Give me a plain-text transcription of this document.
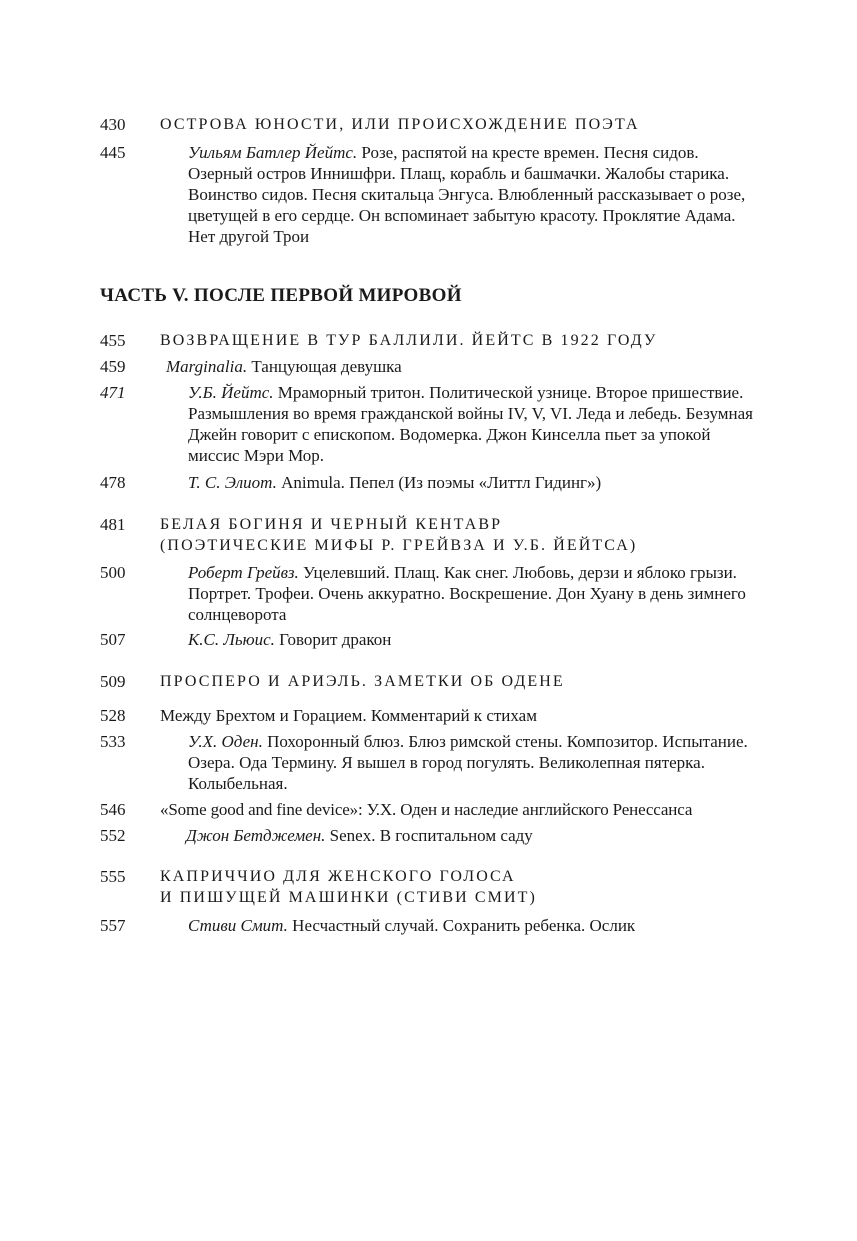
430 ОСТРОВА ЮНОСТИ, ИЛИ ПРОИСХОЖДЕНИЕ ПОЭТА
445	Уильям Батлер Йейтс. Розе, распятой на кресте времен. Песня сидов. Озерный остров Иннишфри. Плащ, корабль и башмачки. Жалобы старика. Воинство сидов. Песня скитальца Энгуса. Влюбленный рассказывает о розе, цветущей в его сердце. Он вспоминает забытую красоту. Проклятие Адама. Нет другой Трои
ЧАСТЬ V. ПОСЛЕ ПЕРВОЙ МИРОВОЙ
455 ВОЗВРАЩЕНИЕ В ТУР БАЛЛИЛИ. ЙЕЙТС В 1922 ГОДУ
459 Marginalia. Танцующая девушка
471	У.Б. Йейтс. Мраморный тритон. Политической узнице. Второе пришествие. Размышления во время гражданской войны IV, V, VI. Леда и лебедь. Безумная Джейн говорит с епископом. Водомерка. Джон Кинселла пьет за упокой миссис Мэри Мор.
478	Т. С. Элиот. Animula. Пепел (Из поэмы «Литтл Гидинг»)
481 БЕЛАЯ БОГИНЯ И ЧЕРНЫЙ КЕНТАВР
(ПОЭТИЧЕСКИЕ МИФЫ Р. ГРЕЙВЗА И У.Б. ЙЕЙТСА)
500	Роберт Грейвз. Уцелевший. Плащ. Как снег. Любовь, дерзи и яблоко грызи. Портрет. Трофеи. Очень аккуратно. Воскрешение. Дон Хуану в день зимнего солнцеворота
507	К.С. Льюис. Говорит дракон
509 ПРОСПЕРО И АРИЭЛЬ. ЗАМЕТКИ ОБ ОДЕНЕ
528 Между Брехтом и Горацием. Комментарий к стихам
533	У.Х. Оден. Похоронный блюз. Блюз римской стены. Композитор. Испытание. Озера. Ода Термину. Я вышел в город погулять. Великолепная пятерка. Колыбельная.
546 «Some good and fine device»: У.Х. Оден и наследие английского Ренессанса
552	Джон Бетджемен. Senex. В госпитальном саду
555 КАПРИЧЧИО ДЛЯ ЖЕНСКОГО ГОЛОСА
И ПИШУЩЕЙ МАШИНКИ (СТИВИ СМИТ)
557	Стиви Смит. Несчастный случай. Сохранить ребенка. Ослик
